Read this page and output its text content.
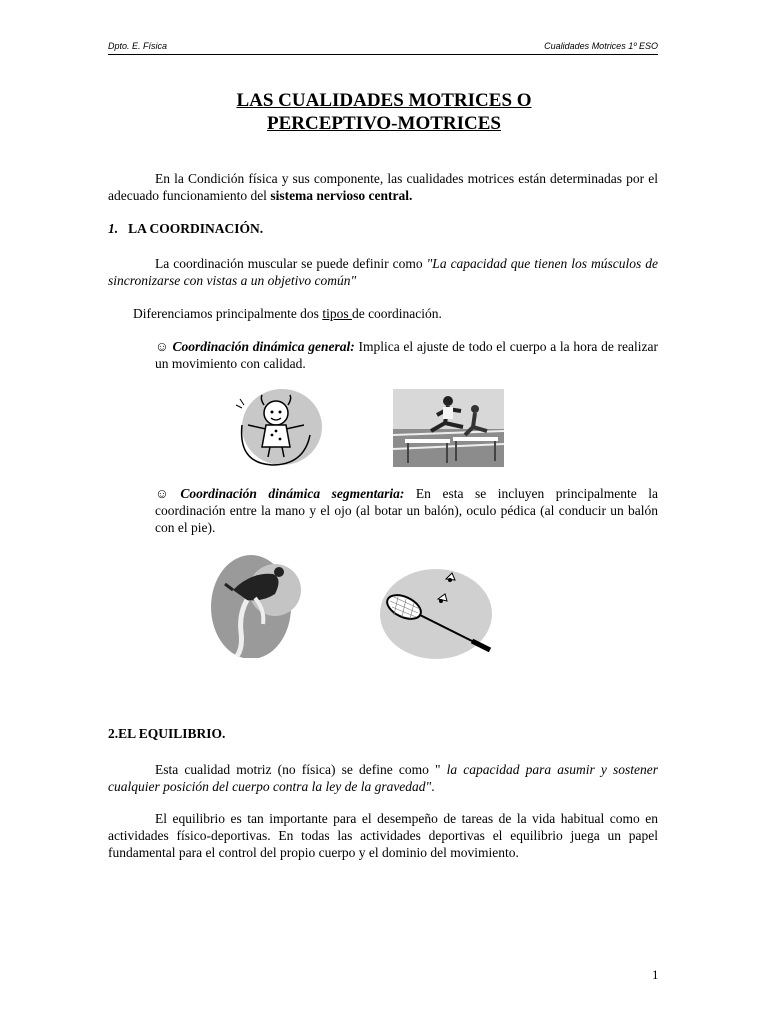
Dpto. E. Física	Cualidades Motrices 1º ESO
LAS CUALIDADES MOTRICES O
PERCEPTIVO-MOTRICES
En la Condición física y sus componente, las cualidades motrices están determinadas por el adecuado funcionamiento del sistema nervioso central.
1. LA COORDINACIÓN.
La coordinación muscular se puede definir como "La capacidad que tienen los músculos de sincronizarse con vistas a un objetivo común"
Diferenciamos principalmente dos tipos de coordinación.
☺ Coordinación dinámica general: Implica el ajuste de todo el cuerpo a la hora de realizar un movimiento con calidad.
☺ Coordinación dinámica segmentaria: En esta se incluyen principalmente la coordinación entre la mano y el ojo (al botar un balón), oculo pédica (al conducir un balón con el pie).
2.EL EQUILIBRIO.
Esta cualidad motriz (no física) se define como " la capacidad para asumir y sostener cualquier posición del cuerpo contra la ley de la gravedad".
El equilibrio es tan importante para el desempeño de tareas de la vida habitual como en actividades físico-deportivas. En todas las actividades deportivas el equilibrio juega un papel fundamental para el control del propio cuerpo y el dominio del movimiento.
1
